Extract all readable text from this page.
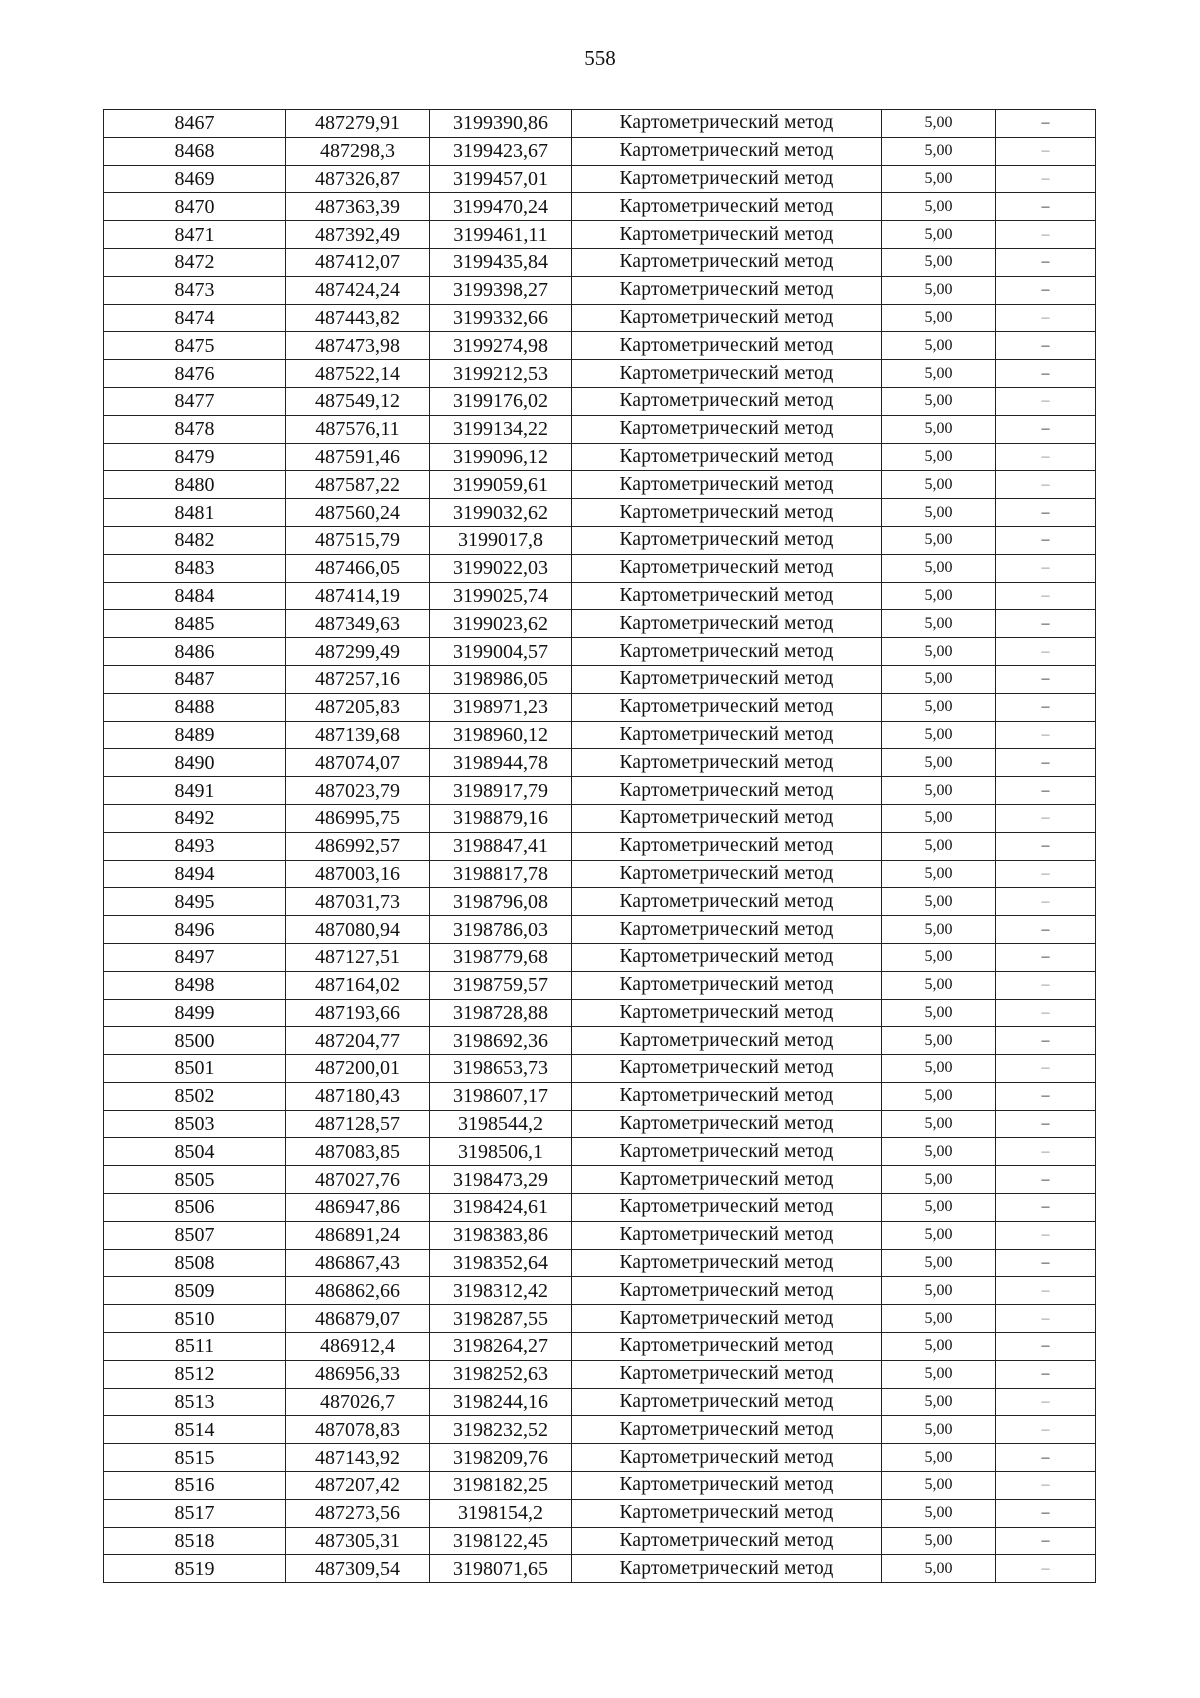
558
8467	487279,91	3199390,86	Картометрический метод	5,00	–
8468	487298,3	3199423,67	Картометрический метод	5,00	–
8469	487326,87	3199457,01	Картометрический метод	5,00	–
8470	487363,39	3199470,24	Картометрический метод	5,00	–
8471	487392,49	3199461,11	Картометрический метод	5,00	–
8472	487412,07	3199435,84	Картометрический метод	5,00	–
8473	487424,24	3199398,27	Картометрический метод	5,00	–
8474	487443,82	3199332,66	Картометрический метод	5,00	–
8475	487473,98	3199274,98	Картометрический метод	5,00	–
8476	487522,14	3199212,53	Картометрический метод	5,00	–
8477	487549,12	3199176,02	Картометрический метод	5,00	–
8478	487576,11	3199134,22	Картометрический метод	5,00	–
8479	487591,46	3199096,12	Картометрический метод	5,00	–
8480	487587,22	3199059,61	Картометрический метод	5,00	–
8481	487560,24	3199032,62	Картометрический метод	5,00	–
8482	487515,79	3199017,8	Картометрический метод	5,00	–
8483	487466,05	3199022,03	Картометрический метод	5,00	–
8484	487414,19	3199025,74	Картометрический метод	5,00	–
8485	487349,63	3199023,62	Картометрический метод	5,00	–
8486	487299,49	3199004,57	Картометрический метод	5,00	–
8487	487257,16	3198986,05	Картометрический метод	5,00	–
8488	487205,83	3198971,23	Картометрический метод	5,00	–
8489	487139,68	3198960,12	Картометрический метод	5,00	–
8490	487074,07	3198944,78	Картометрический метод	5,00	–
8491	487023,79	3198917,79	Картометрический метод	5,00	–
8492	486995,75	3198879,16	Картометрический метод	5,00	–
8493	486992,57	3198847,41	Картометрический метод	5,00	–
8494	487003,16	3198817,78	Картометрический метод	5,00	–
8495	487031,73	3198796,08	Картометрический метод	5,00	–
8496	487080,94	3198786,03	Картометрический метод	5,00	–
8497	487127,51	3198779,68	Картометрический метод	5,00	–
8498	487164,02	3198759,57	Картометрический метод	5,00	–
8499	487193,66	3198728,88	Картометрический метод	5,00	–
8500	487204,77	3198692,36	Картометрический метод	5,00	–
8501	487200,01	3198653,73	Картометрический метод	5,00	–
8502	487180,43	3198607,17	Картометрический метод	5,00	–
8503	487128,57	3198544,2	Картометрический метод	5,00	–
8504	487083,85	3198506,1	Картометрический метод	5,00	–
8505	487027,76	3198473,29	Картометрический метод	5,00	–
8506	486947,86	3198424,61	Картометрический метод	5,00	–
8507	486891,24	3198383,86	Картометрический метод	5,00	–
8508	486867,43	3198352,64	Картометрический метод	5,00	–
8509	486862,66	3198312,42	Картометрический метод	5,00	–
8510	486879,07	3198287,55	Картометрический метод	5,00	–
8511	486912,4	3198264,27	Картометрический метод	5,00	–
8512	486956,33	3198252,63	Картометрический метод	5,00	–
8513	487026,7	3198244,16	Картометрический метод	5,00	–
8514	487078,83	3198232,52	Картометрический метод	5,00	–
8515	487143,92	3198209,76	Картометрический метод	5,00	–
8516	487207,42	3198182,25	Картометрический метод	5,00	–
8517	487273,56	3198154,2	Картометрический метод	5,00	–
8518	487305,31	3198122,45	Картометрический метод	5,00	–
8519	487309,54	3198071,65	Картометрический метод	5,00	–
